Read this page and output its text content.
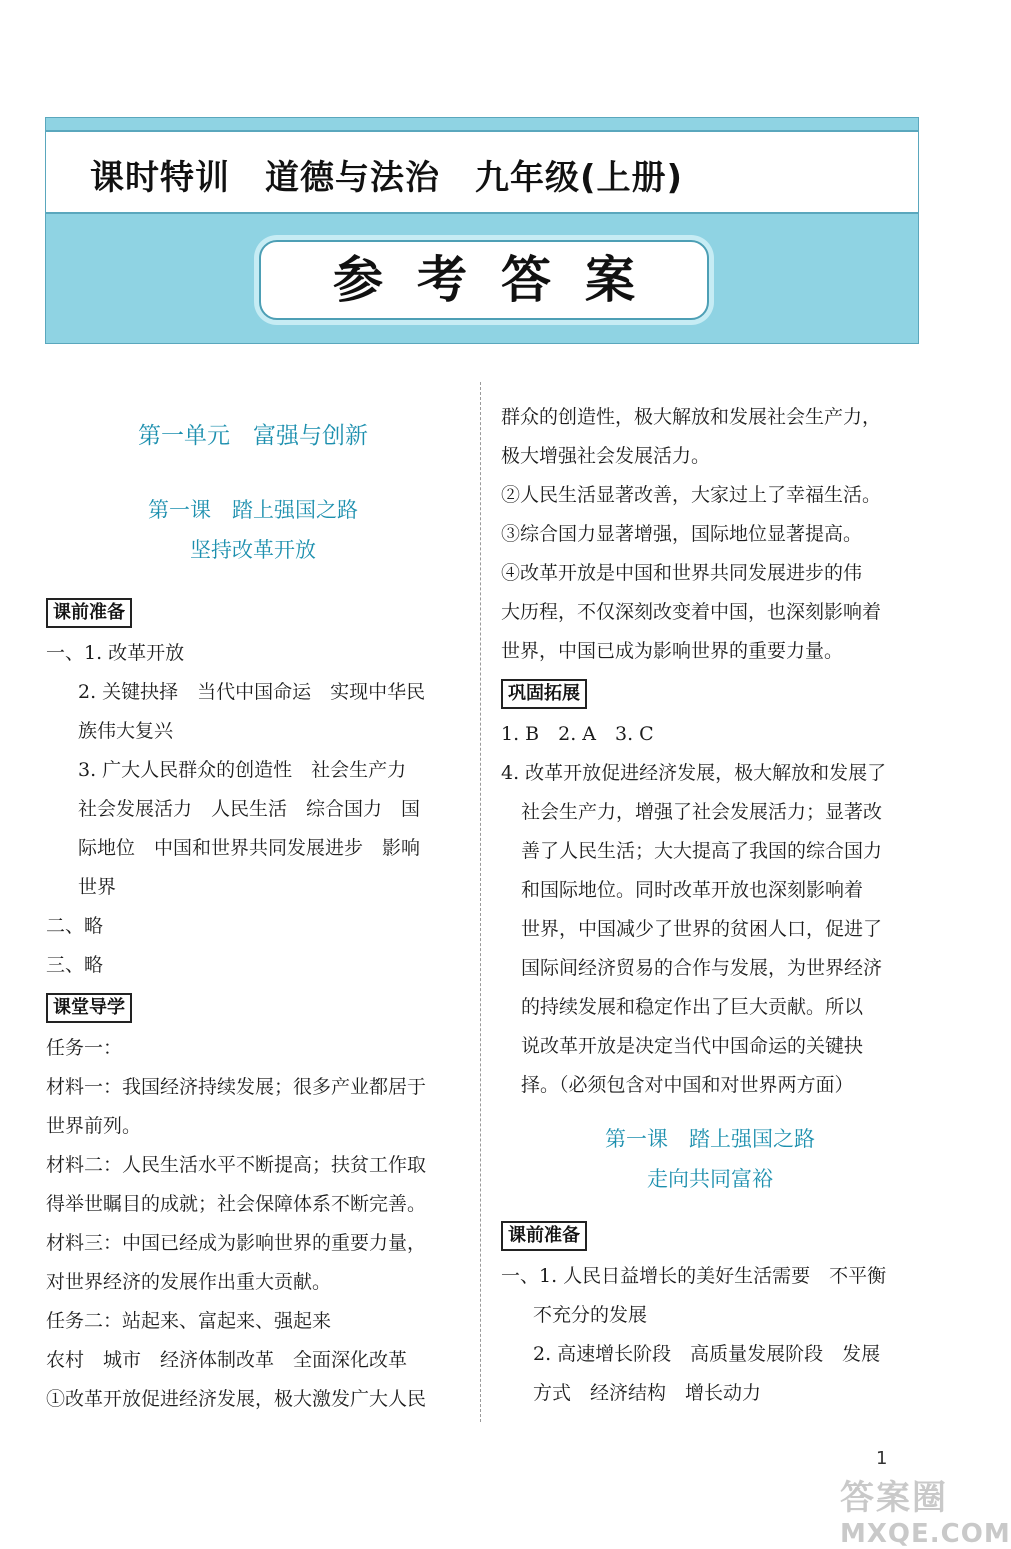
课时特训　道德与法治　九年级(上册)
参考答案
第一单元　富强与创新
第一课　踏上强国之路
坚持改革开放
课前准备
一、1. 改革开放
2. 关键抉择　当代中国命运　实现中华民
族伟大复兴
3. 广大人民群众的创造性　社会生产力
社会发展活力　人民生活　综合国力　国
际地位　中国和世界共同发展进步　影响
世界
二、略
三、略
课堂导学
任务一：
材料一：我国经济持续发展；很多产业都居于
世界前列。
材料二：人民生活水平不断提高；扶贫工作取
得举世瞩目的成就；社会保障体系不断完善。
材料三：中国已经成为影响世界的重要力量，
对世界经济的发展作出重大贡献。
任务二：站起来、富起来、强起来
农村　城市　经济体制改革　全面深化改革
①改革开放促进经济发展，极大激发广大人民
群众的创造性，极大解放和发展社会生产力，
极大增强社会发展活力。
②人民生活显著改善，大家过上了幸福生活。
③综合国力显著增强，国际地位显著提高。
④改革开放是中国和世界共同发展进步的伟
大历程，不仅深刻改变着中国，也深刻影响着
世界，中国已成为影响世界的重要力量。
巩固拓展
1. B　2. A　3. C
4. 改革开放促进经济发展，极大解放和发展了
社会生产力，增强了社会发展活力；显著改
善了人民生活；大大提高了我国的综合国力
和国际地位。同时改革开放也深刻影响着
世界，中国减少了世界的贫困人口，促进了
国际间经济贸易的合作与发展，为世界经济
的持续发展和稳定作出了巨大贡献。所以
说改革开放是决定当代中国命运的关键抉
择。（必须包含对中国和对世界两方面）
第一课　踏上强国之路
走向共同富裕
课前准备
一、1. 人民日益增长的美好生活需要　不平衡
不充分的发展
2. 高速增长阶段　高质量发展阶段　发展
方式　经济结构　增长动力
1
答案圈
MXQE.COM
